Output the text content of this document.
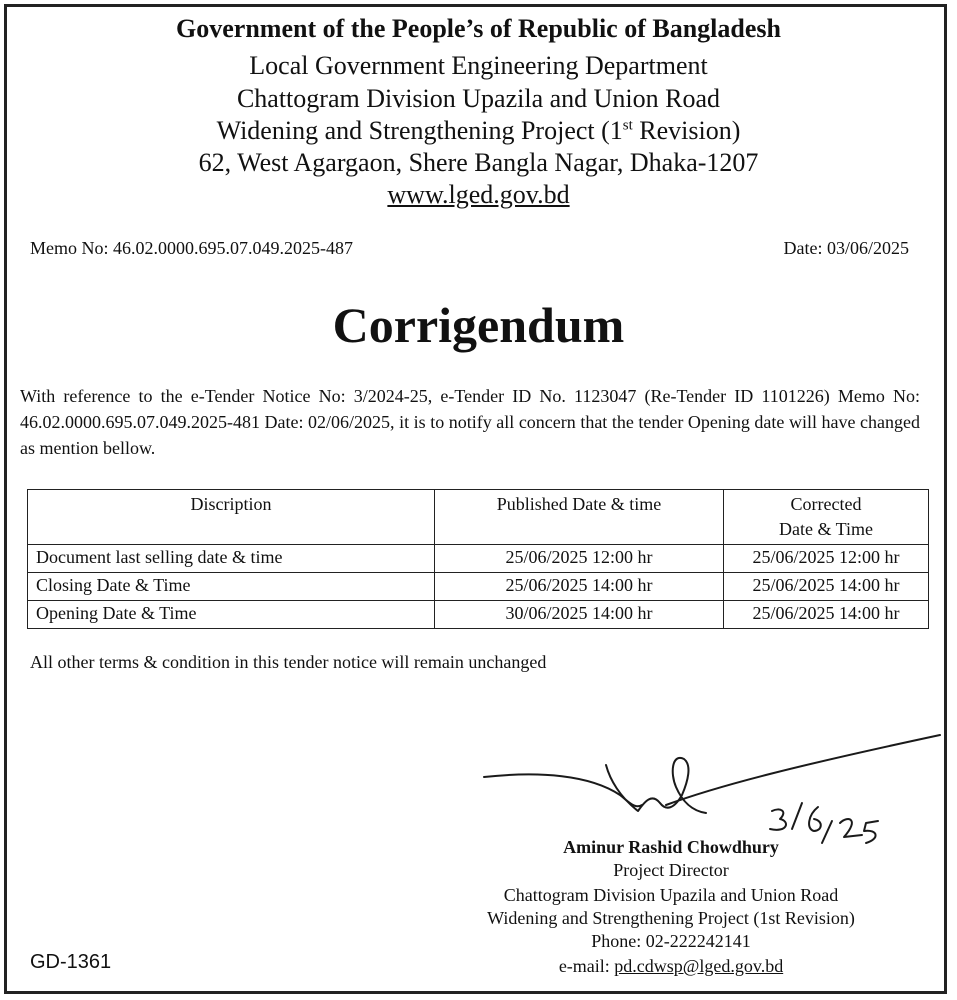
Government of the People’s of Republic of Bangladesh
Local Government Engineering Department
Chattogram Division Upazila and Union Road
Widening and Strengthening Project (1st Revision)
62, West Agargaon, Shere Bangla Nagar, Dhaka-1207
www.lged.gov.bd
Memo No: 46.02.0000.695.07.049.2025-487	Date: 03/06/2025
Corrigendum
With reference to the e-Tender Notice No: 3/2024-25, e-Tender ID No. 1123047 (Re-Tender ID 1101226) Memo No: 46.02.0000.695.07.049.2025-481 Date: 02/06/2025, it is to notify all concern that the tender Opening date will have changed as mention bellow.
Discription	Published Date & time	Corrected
Date & Time
Document last selling date & time	25/06/2025 12:00 hr	25/06/2025 12:00 hr
Closing Date & Time	25/06/2025 14:00 hr	25/06/2025 14:00 hr
Opening Date & Time	30/06/2025 14:00 hr	25/06/2025 14:00 hr
All other terms & condition in this tender notice will remain unchanged
Aminur Rashid Chowdhury
Project Director
Chattogram Division Upazila and Union Road
Widening and Strengthening Project (1st Revision)
Phone: 02-222242141
e-mail: pd.cdwsp@lged.gov.bd
GD-1361
